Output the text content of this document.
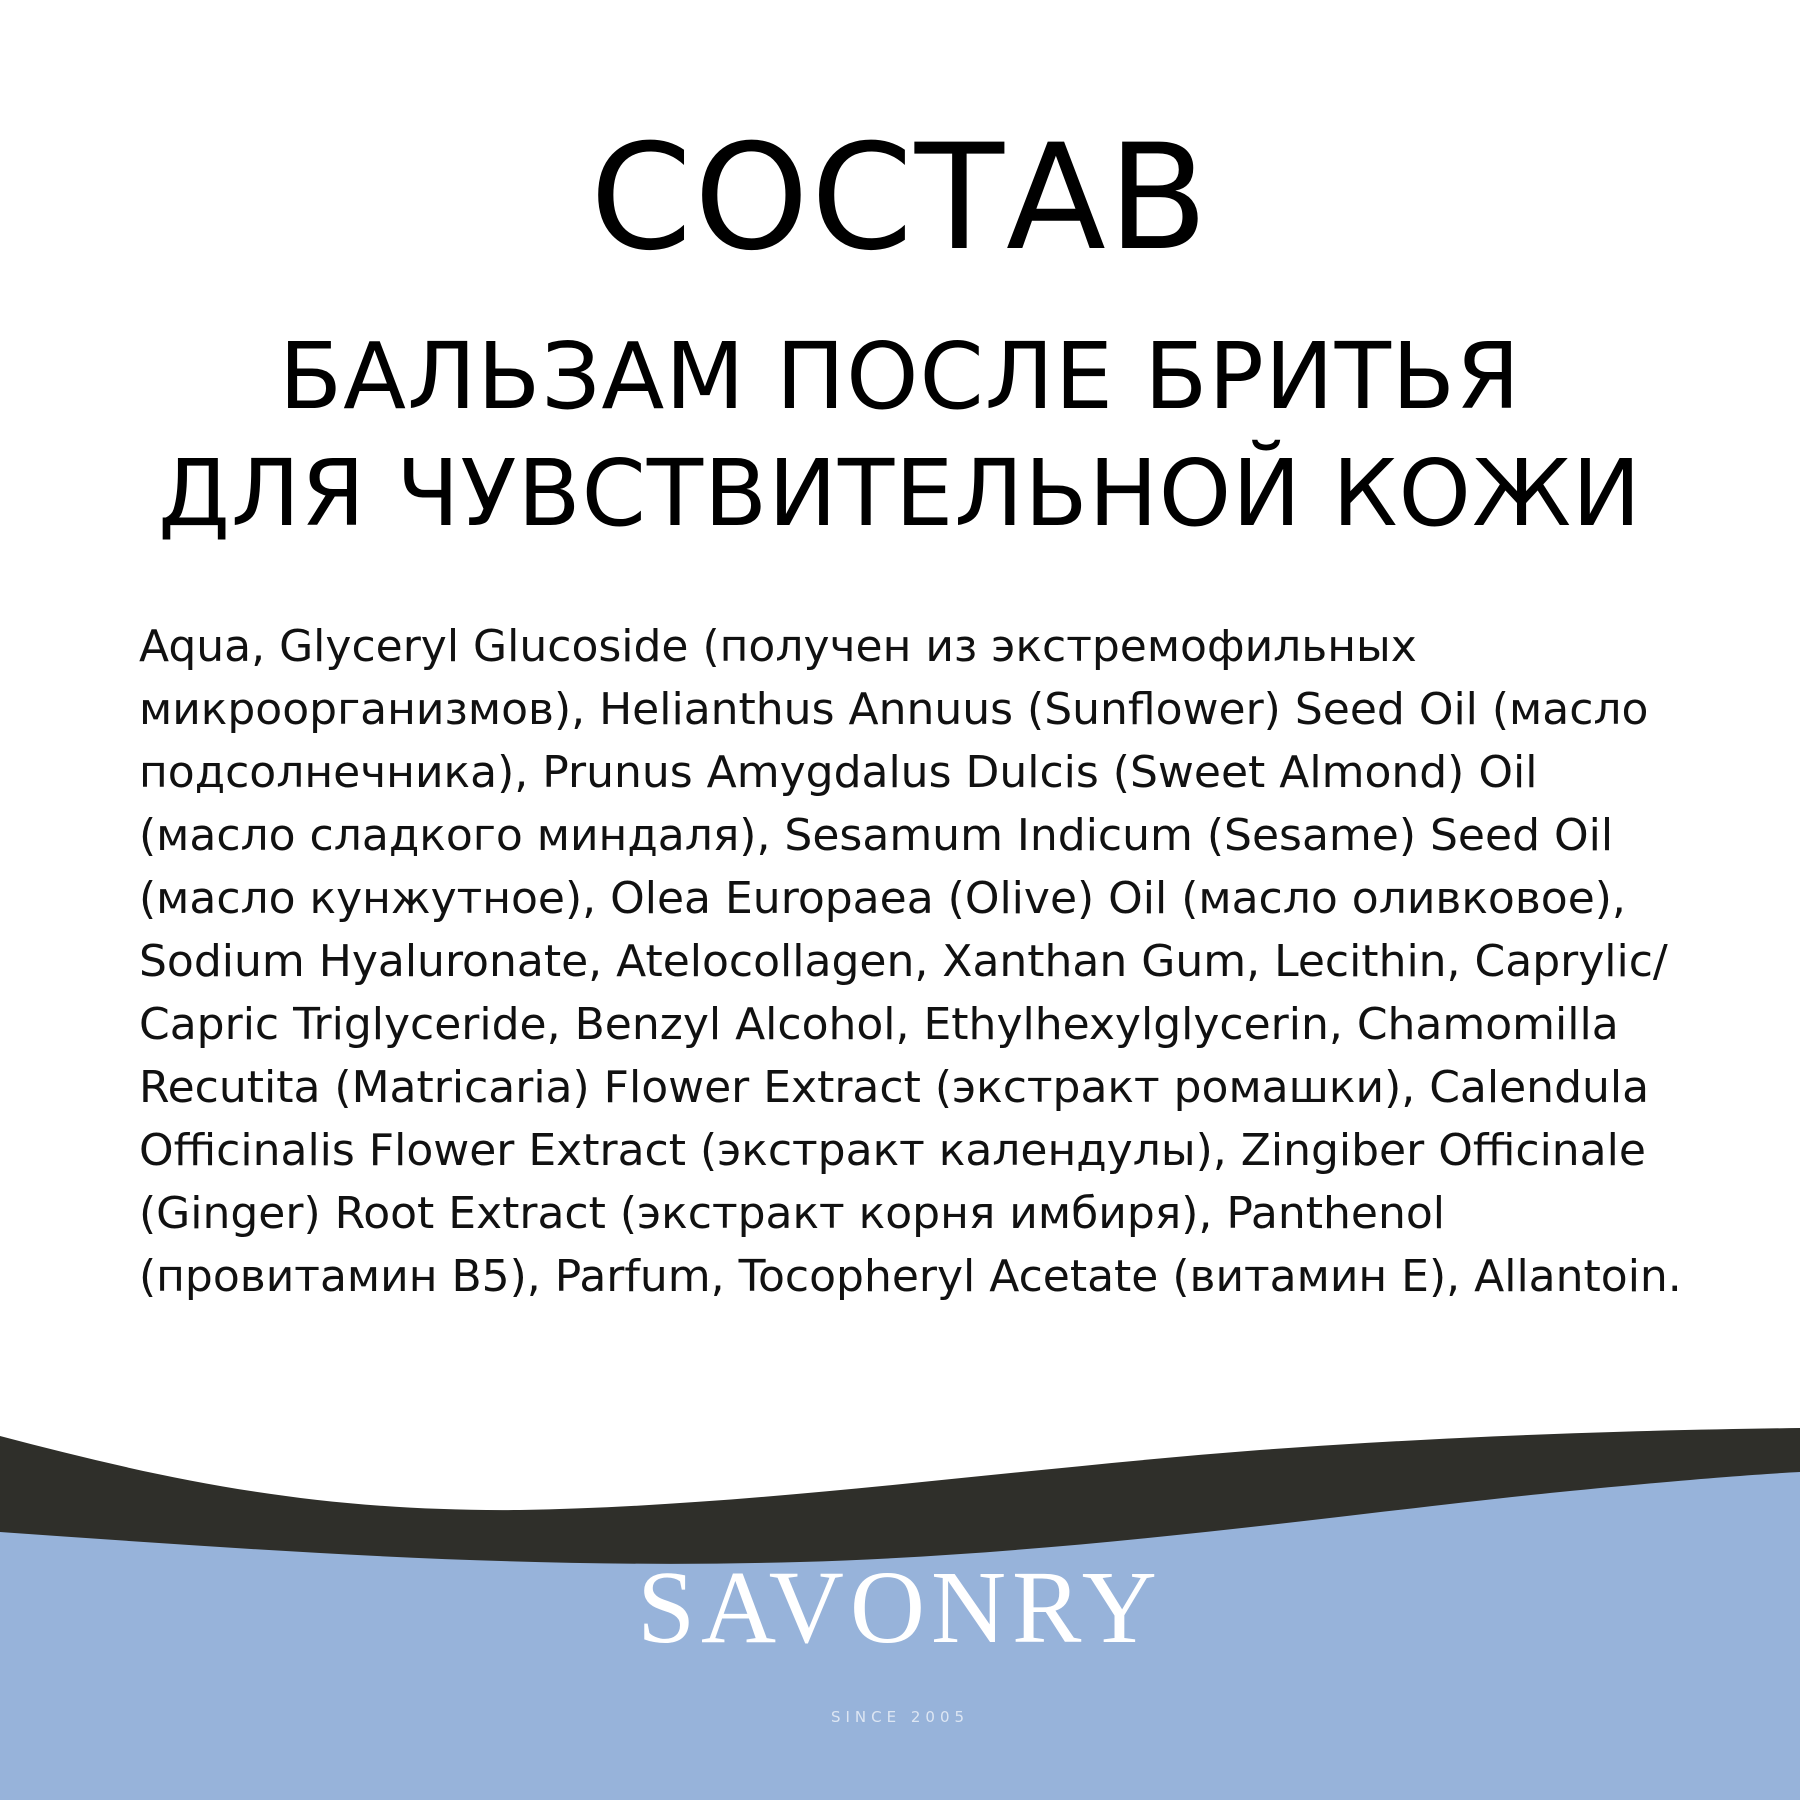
СОСТАВ
БАЛЬЗАМ ПОСЛЕ БРИТЬЯ
ДЛЯ ЧУВСТВИТЕЛЬНОЙ КОЖИ
Aqua, Glyceryl Glucoside (получен из экстремофильных
микроорганизмов), Helianthus Annuus (Sunflower) Seed Oil (масло
подсолнечника), Prunus Amygdalus Dulcis (Sweet Almond) Oil
(масло сладкого миндаля), Sesamum Indicum (Sesame) Seed Oil
(масло кунжутное), Olea Europaea (Olive) Oil (масло оливковое),
Sodium Hyaluronate, Atelocollagen, Xanthan Gum, Lecithin, Caprylic/
Capric Triglyceride, Benzyl Alcohol, Ethylhexylglycerin, Chamomilla
Recutita (Matricaria) Flower Extract (экстракт ромашки), Calendula
Officinalis Flower Extract (экстракт календулы), Zingiber Officinale
(Ginger) Root Extract (экстракт корня имбиря), Panthenol
(провитамин B5), Parfum, Tocopheryl Acetate (витамин E), Allantoin.
SAVONRY
SINCE 2005
